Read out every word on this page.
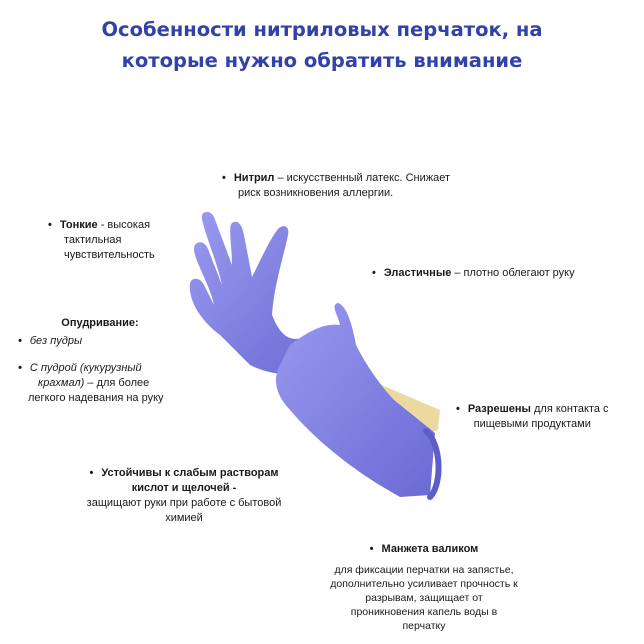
Особенности нитриловых перчаток, на
которые нужно обратить внимание
• Нитрил – искусственный латекс. Снижает
риск возникновения аллергии.
• Тонкие - высокая
тактильная
чувствительность
• Эластичные – плотно облегают руку
Опудривание:
• без пудры
• С пудрой (кукурузный
крахмал) – для более
легкого надевания на руку
• Разрешены для контакта с
пищевыми продуктами
• Устойчивы к слабым растворам
кислот и щелочей -
защищают руки при работе с бытовой
химией
• Манжета валиком
для фиксации перчатки на запястье,
дополнительно усиливает прочность к
разрывам, защищает от
проникновения капель воды в
перчатку
